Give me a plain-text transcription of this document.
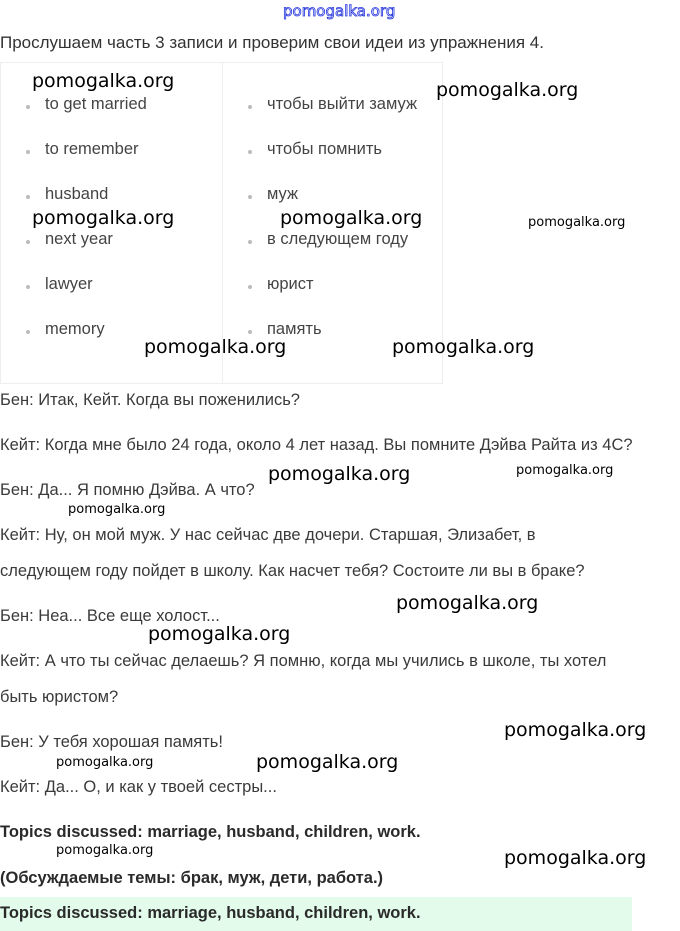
pomogalka.org
Прослушаем часть 3 записи и проверим свои идеи из упражнения 4.
to get married	чтобы выйти замуж
to remember	чтобы помнить
husband	муж
next year	в следующем году
lawyer	юрист
memory	память
Бен: Итак, Кейт. Когда вы поженились?
Кейт: Когда мне было 24 года, около 4 лет назад. Вы помните Дэйва Райта из 4С?
Бен: Да... Я помню Дэйва. А что?
Кейт: Ну, он мой муж. У нас сейчас две дочери. Старшая, Элизабет, в
следующем году пойдет в школу. Как насчет тебя? Состоите ли вы в браке?
Бен: Неа... Все еще холост...
Кейт: А что ты сейчас делаешь? Я помню, когда мы учились в школе, ты хотел
быть юристом?
Бен: У тебя хорошая память!
Кейт: Да... О, и как у твоей сестры...
Topics discussed: marriage, husband, children, work.
(Обсуждаемые темы: брак, муж, дети, работа.)
Topics discussed: marriage, husband, children, work.
pomogalka.org	pomogalka.org
pomogalka.org	pomogalka.org	pomogalka.org
pomogalka.org	pomogalka.org
pomogalka.org	pomogalka.org
pomogalka.org
pomogalka.org
pomogalka.org
pomogalka.org
pomogalka.org
pomogalka.org
pomogalka.org	pomogalka.org
